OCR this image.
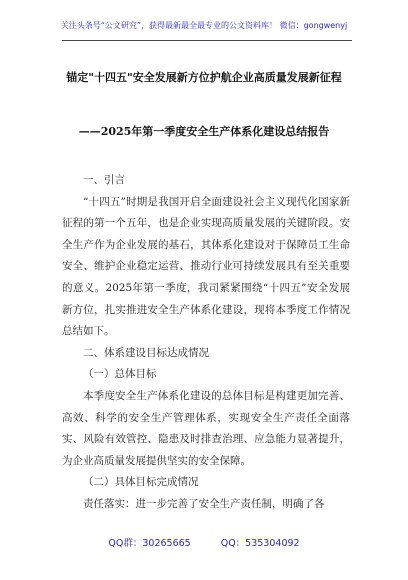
关注头条号“公文研究”，获得最新最全最专业的公文资料库！ 微信：gongwenyj
锚定"十四五"安全发展新方位护航企业高质量发展新征程
——2025年第一季度安全生产体系化建设总结报告

一、引言

“十四五”时期是我国开启全面建设社会主义现代化国家新征程的第一个五年，也是企业实现高质量发展的关键阶段。安全生产作为企业发展的基石，其体系化建设对于保障员工生命安全、维护企业稳定运营、推动行业可持续发展具有至关重要的意义。2025年第一季度，我司紧紧围绕“十四五”安全发展新方位，扎实推进安全生产体系化建设，现将本季度工作情况总结如下。

二、体系建设目标达成情况

（一）总体目标

本季度安全生产体系化建设的总体目标是构建更加完善、高效、科学的安全生产管理体系，实现安全生产责任全面落实、风险有效管控、隐患及时排查治理、应急能力显著提升，为企业高质量发展提供坚实的安全保障。

（二）具体目标完成情况

责任落实：进一步完善了安全生产责任制，明确了各

QQ群：30265665	QQ：535304092
